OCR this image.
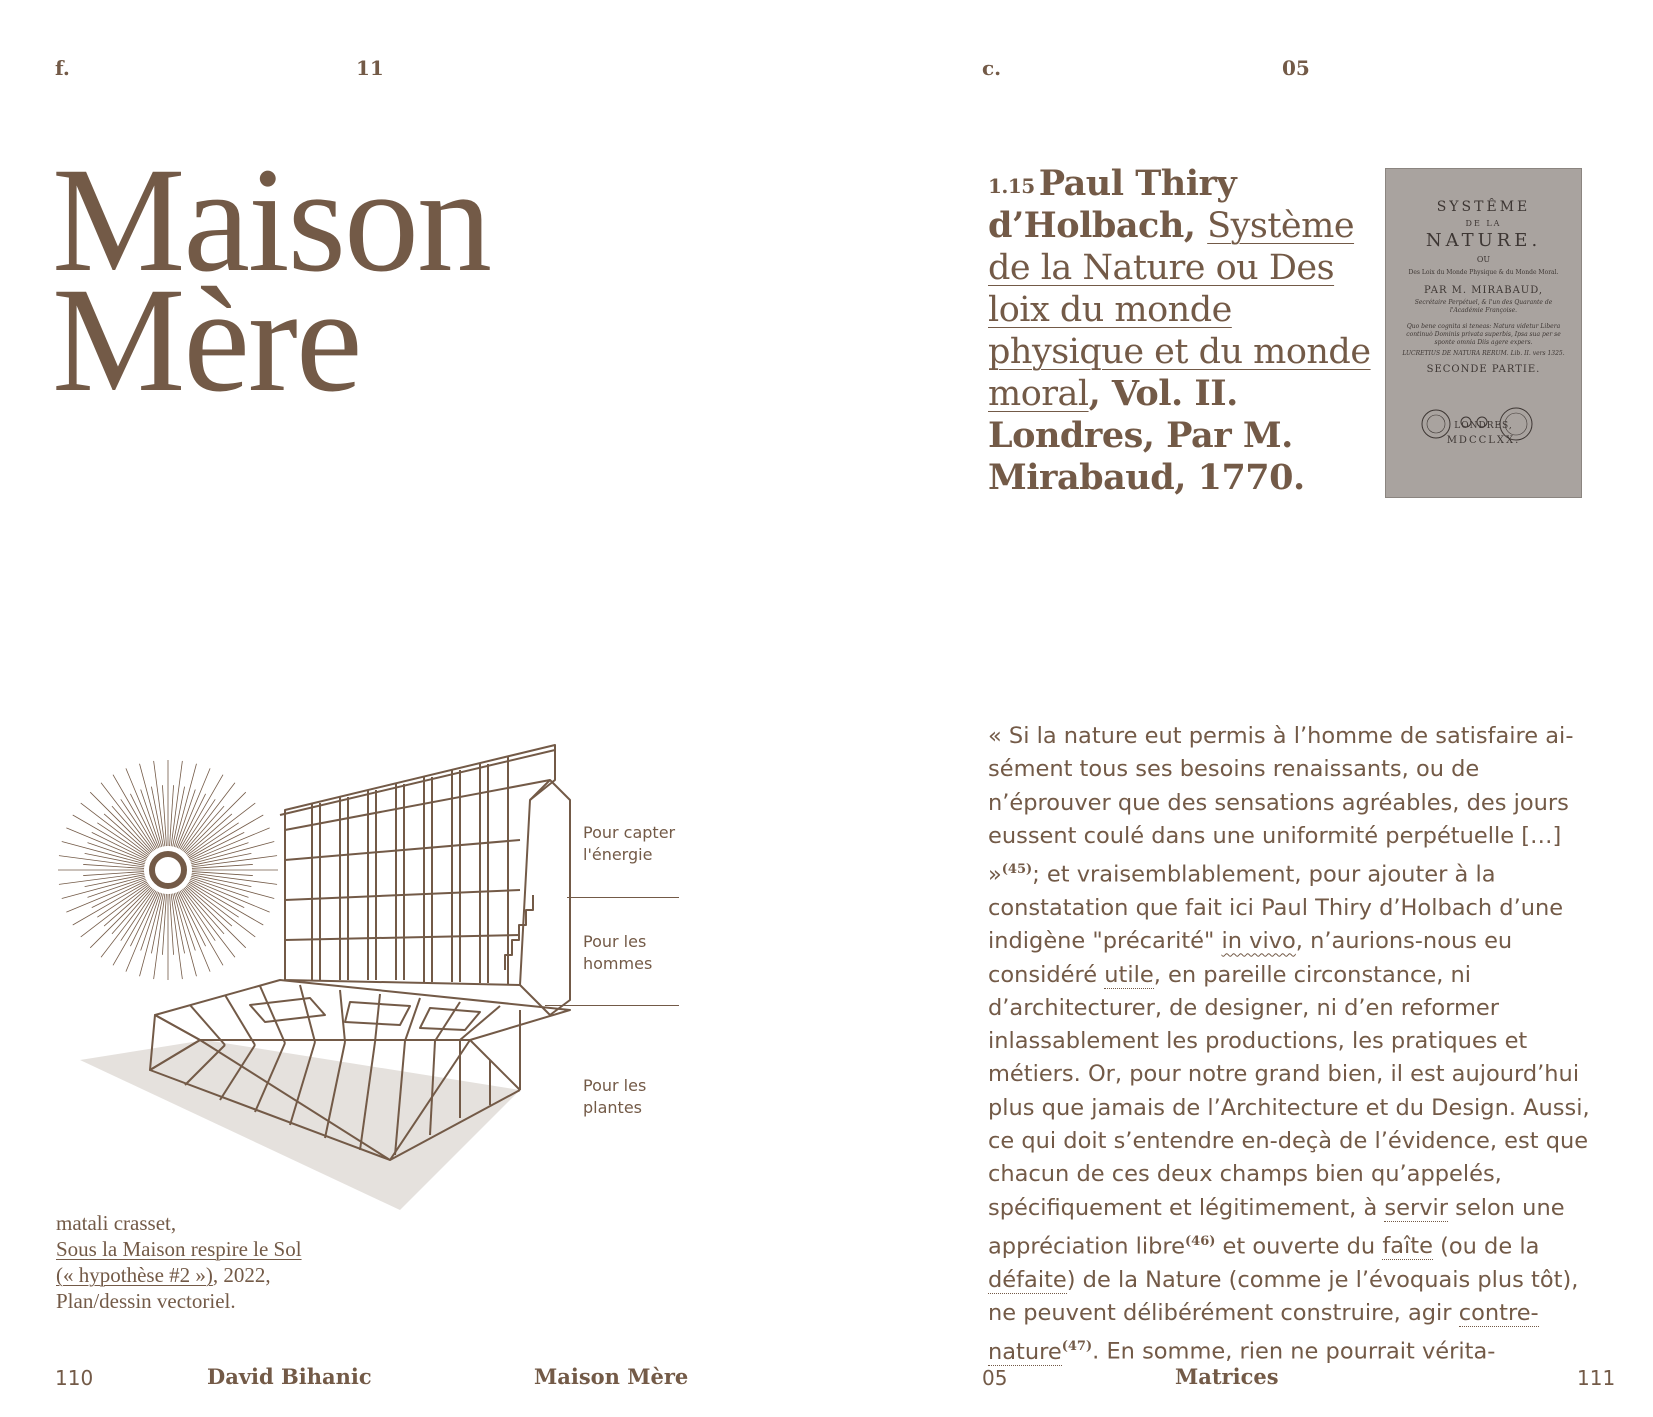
f.	11
Maison
Mère
Pour capter
l'énergie
Pour les
hommes
Pour les
plantes
matali crasset,
Sous la Maison respire le Sol
(« hypothèse #2 »), 2022,
Plan/dessin vectoriel.
110	David Bihanic	Maison Mère
c.	05
$^{1.15}$ Paul Thiry d’Holbach, Système de la Nature ou Des loix du monde physique et du monde moral, Vol. II. Londres, Par M. Mirabaud, 1770.
SYSTÊME
DE LA
NATURE.
OU
Des Loix du Monde Physique & du Monde Moral.
PAR M. MIRABAUD,
Secrétaire Perpétuel, & l'un des Quarante de l'Académie Françoise.
Quo bene cognita si teneas: Natura videtur Libera continuò Dominis privata superbis, Ipsa sua per se sponte omnia Diis agere expers.
LUCRETIUS DE NATURA RERUM. Lib. II. vers 1325.
SECONDE PARTIE.
LONDRES,
MDCCLXX.
« Si la nature eut permis à l’homme de satisfaire aisément tous ses besoins renaissants, ou de n’éprouver que des sensations agréables, des jours eussent coulé dans une uniformité perpétuelle […] »$^{(45)}$; et vraisemblablement, pour ajouter à la constatation que fait ici Paul Thiry d’Holbach d’une indigène "précarité" in vivo, n’aurions-nous eu considéré utile, en pareille circonstance, ni d’architecturer, de designer, ni d’en reformer inlassablement les productions, les pratiques et métiers. Or, pour notre grand bien, il est aujourd’hui plus que jamais de l’Architecture et du Design. Aussi, ce qui doit s’entendre en-deçà de l’évidence, est que chacun de ces deux champs bien qu’appelés, spécifiquement et légitimement, à servir selon une appréciation libre$^{(46)}$ et ouverte du faîte (ou de la défaite) de la Nature (comme je l’évoquais plus tôt), ne peuvent délibérément construire, agir contre-nature$^{(47)}$. En somme, rien ne pourrait vérita-
05	Matrices	111
